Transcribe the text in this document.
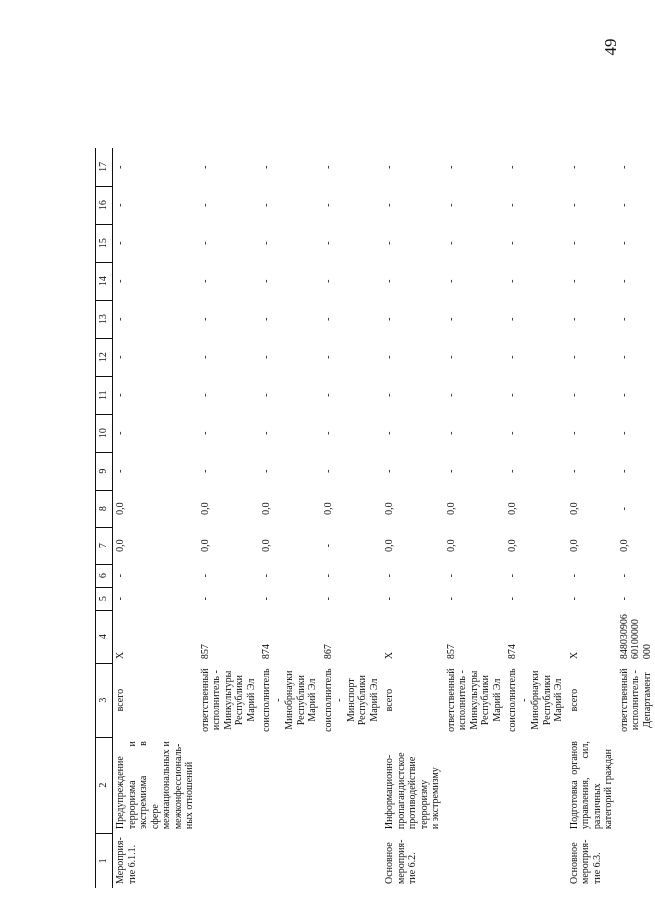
49
1	2	3	4	5	6	7	8	9	10	11	12	13	14	15	16	17
Мероприя-
тие 6.1.1.	Предупреждение терроризма и экстремизма в сфере межнациональных и межконфессиональ-
ных отношений	всего	X	-	-	0,0	0,0	-	-	-	-	-	-	-	-	-
		ответственный исполнитель -
Минкультуры Республики Марий Эл	857	-	-	0,0	0,0	-	-	-	-	-	-	-	-	-
		соисполнитель -
Минобрнауки Республики Марий Эл	874	-	-	0,0	0,0	-	-	-	-	-	-	-	-	-
		соисполнитель -
Минспорт Республики Марий Эл	867	-	-	-	0,0	-	-	-	-	-	-	-	-	-
Основное мероприя-
тие 6.2.	Информационно-пропагандистское противодействие терроризму
и экстремизму	всего	X	-	-	0,0	0,0	-	-	-	-	-	-	-	-	-
		ответственный исполнитель -
Минкультуры Республики Марий Эл	857	-	-	0,0	0,0	-	-	-	-	-	-	-	-	-
		соисполнитель -
Минобрнауки Республики Марий Эл	874	-	-	0,0	0,0	-	-	-	-	-	-	-	-	-
Основное мероприя-
тие 6.3.	Подготовка органов управления, сил, различных категорий граждан	всего	X	-	-	0,0	0,0	-	-	-	-	-	-	-	-	-
		ответственный исполнитель -
Департамент	848030906
60100000
000	-	-	0,0	-	-	-	-	-	-	-	-	-	-
